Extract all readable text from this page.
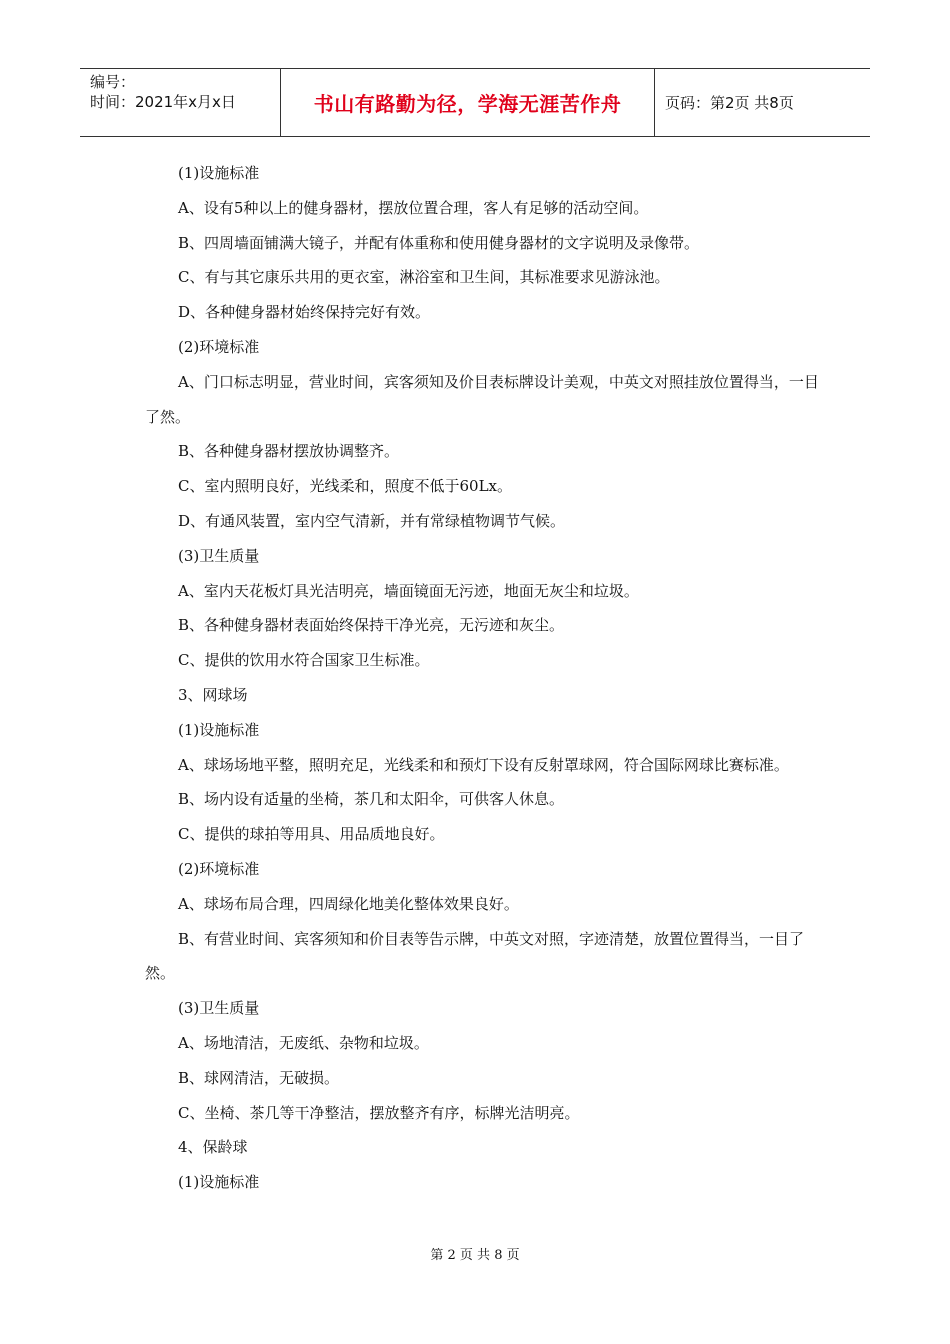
编号：
时间：2021年x月x日	书山有路勤为径，学海无涯苦作舟	页码：第2页 共8页

(1)设施标准

A、设有5种以上的健身器材，摆放位置合理，客人有足够的活动空间。

B、四周墙面铺满大镜子，并配有体重称和使用健身器材的文字说明及录像带。

C、有与其它康乐共用的更衣室，淋浴室和卫生间，其标准要求见游泳池。

D、各种健身器材始终保持完好有效。

(2)环境标准

A、门口标志明显，营业时间，宾客须知及价目表标牌设计美观，中英文对照挂放位置得当，一目了然。

B、各种健身器材摆放协调整齐。

C、室内照明良好，光线柔和，照度不低于60Lx。

D、有通风装置，室内空气清新，并有常绿植物调节气候。

(3)卫生质量

A、室内天花板灯具光洁明亮，墙面镜面无污迹，地面无灰尘和垃圾。

B、各种健身器材表面始终保持干净光亮，无污迹和灰尘。

C、提供的饮用水符合国家卫生标准。

3、网球场

(1)设施标准

A、球场场地平整，照明充足，光线柔和和预灯下设有反射罩球网，符合国际网球比赛标准。

B、场内设有适量的坐椅，茶几和太阳伞，可供客人休息。

C、提供的球拍等用具、用品质地良好。

(2)环境标准

A、球场布局合理，四周绿化地美化整体效果良好。

B、有营业时间、宾客须知和价目表等告示牌，中英文对照，字迹清楚，放置位置得当，一目了然。

(3)卫生质量

A、场地清洁，无废纸、杂物和垃圾。

B、球网清洁，无破损。

C、坐椅、茶几等干净整洁，摆放整齐有序，标牌光洁明亮。

4、保龄球

(1)设施标准

第 2 页 共 8 页
